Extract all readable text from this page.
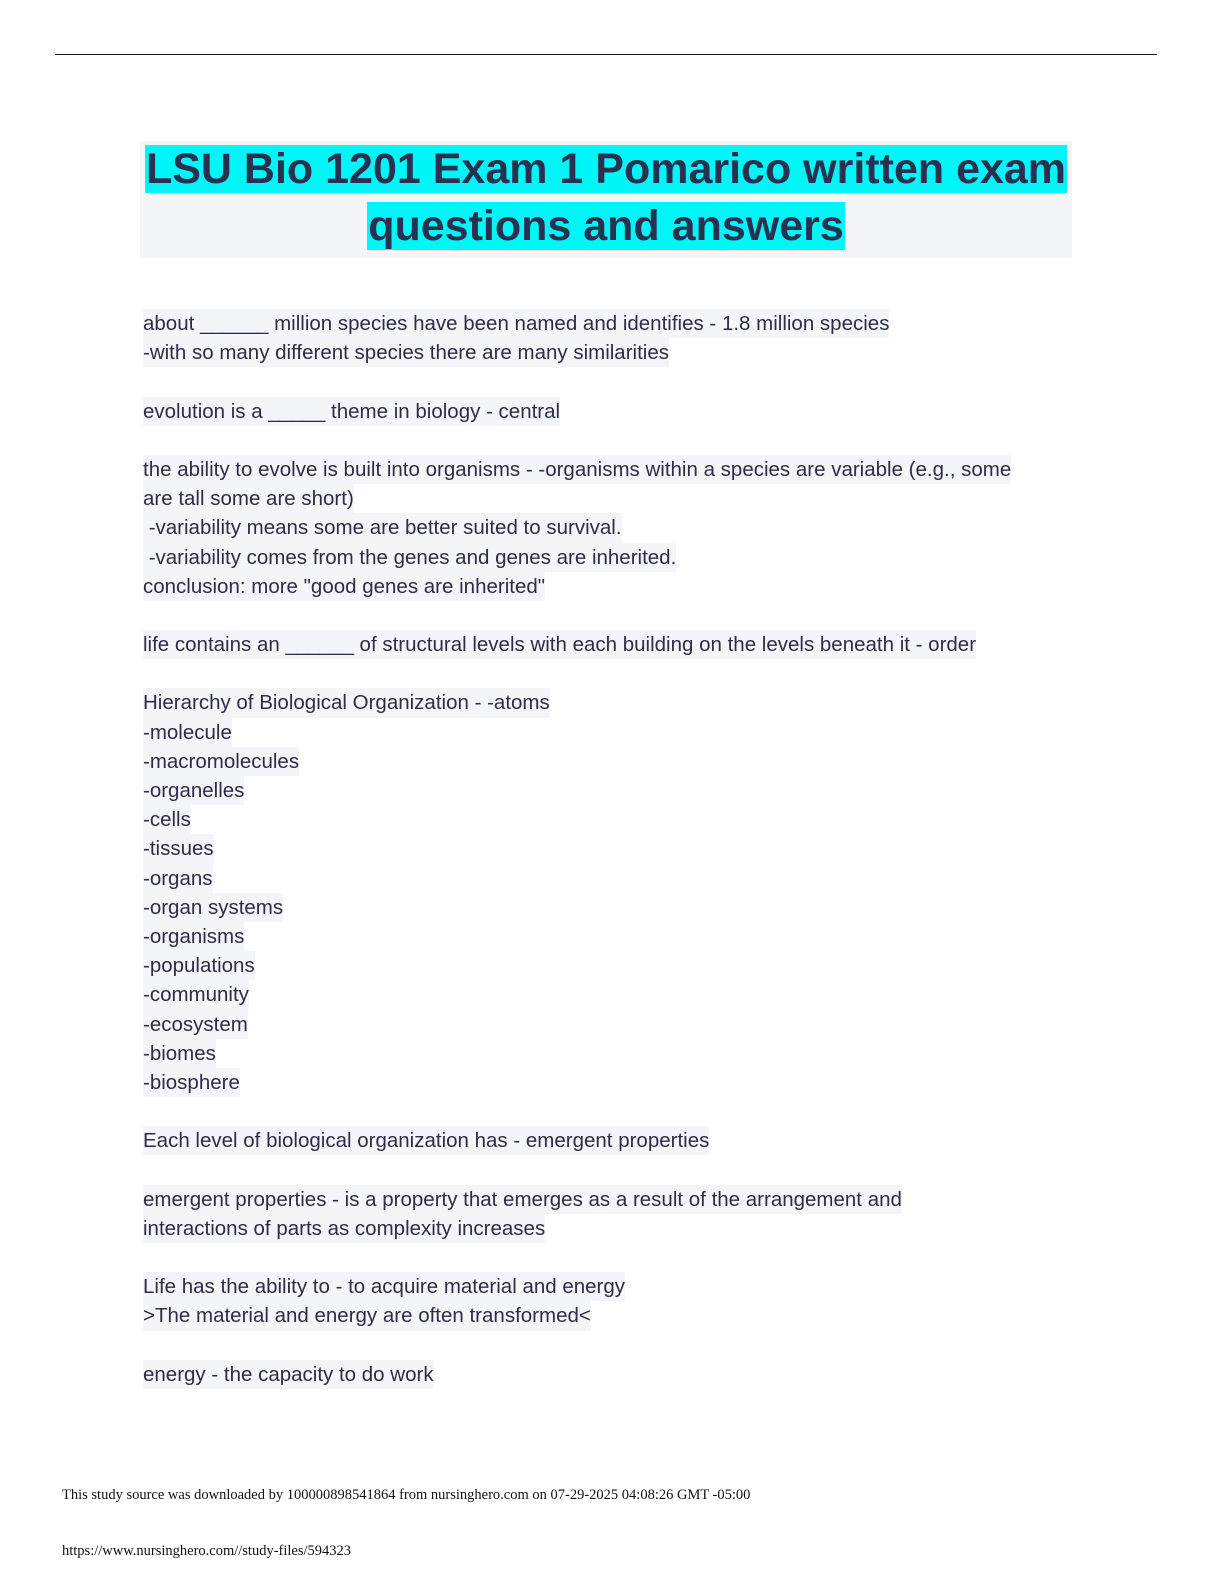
LSU Bio 1201 Exam 1 Pomarico written exam
questions and answers
about ______ million species have been named and identifies - 1.8 million species
-with so many different species there are many similarities
evolution is a _____ theme in biology - central
the ability to evolve is built into organisms - -organisms within a species are variable (e.g., some
are tall some are short)
-variability means some are better suited to survival.
-variability comes from the genes and genes are inherited.
conclusion: more "good genes are inherited"
life contains an ______ of structural levels with each building on the levels beneath it - order
Hierarchy of Biological Organization - -atoms
-molecule
-macromolecules
-organelles
-cells
-tissues
-organs
-organ systems
-organisms
-populations
-community
-ecosystem
-biomes
-biosphere
Each level of biological organization has - emergent properties
emergent properties - is a property that emerges as a result of the arrangement and
interactions of parts as complexity increases
Life has the ability to - to acquire material and energy
>The material and energy are often transformed<
energy - the capacity to do work
This study source was downloaded by 100000898541864 from nursinghero.com on 07-29-2025 04:08:26 GMT -05:00
https://www.nursinghero.com//study-files/594323
